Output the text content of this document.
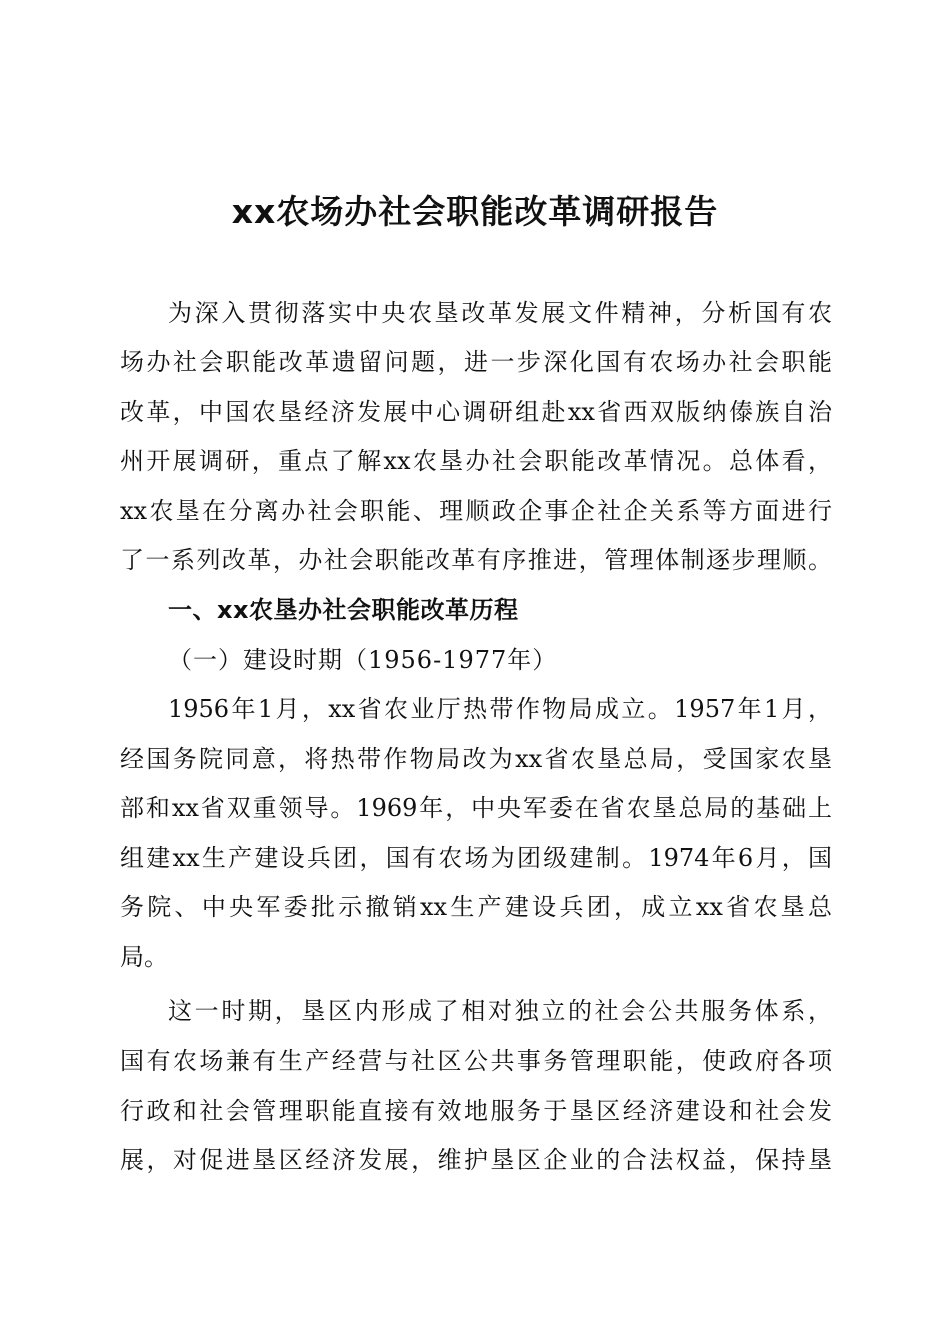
xx农场办社会职能改革调研报告
为深入贯彻落实中央农垦改革发展文件精神，分析国有农
场办社会职能改革遗留问题，进一步深化国有农场办社会职能
改革，中国农垦经济发展中心调研组赴xx省西双版纳傣族自治
州开展调研，重点了解xx农垦办社会职能改革情况。总体看，
xx农垦在分离办社会职能、理顺政企事企社企关系等方面进行
了一系列改革，办社会职能改革有序推进，管理体制逐步理顺。
一、xx农垦办社会职能改革历程
（一）建设时期（1956-1977年）
1956年1月，xx省农业厅热带作物局成立。1957年1月，
经国务院同意，将热带作物局改为xx省农垦总局，受国家农垦
部和xx省双重领导。1969年，中央军委在省农垦总局的基础上
组建xx生产建设兵团，国有农场为团级建制。1974年6月，国
务院、中央军委批示撤销xx生产建设兵团，成立xx省农垦总
局。
这一时期，垦区内形成了相对独立的社会公共服务体系，
国有农场兼有生产经营与社区公共事务管理职能，使政府各项
行政和社会管理职能直接有效地服务于垦区经济建设和社会发
展，对促进垦区经济发展，维护垦区企业的合法权益，保持垦
